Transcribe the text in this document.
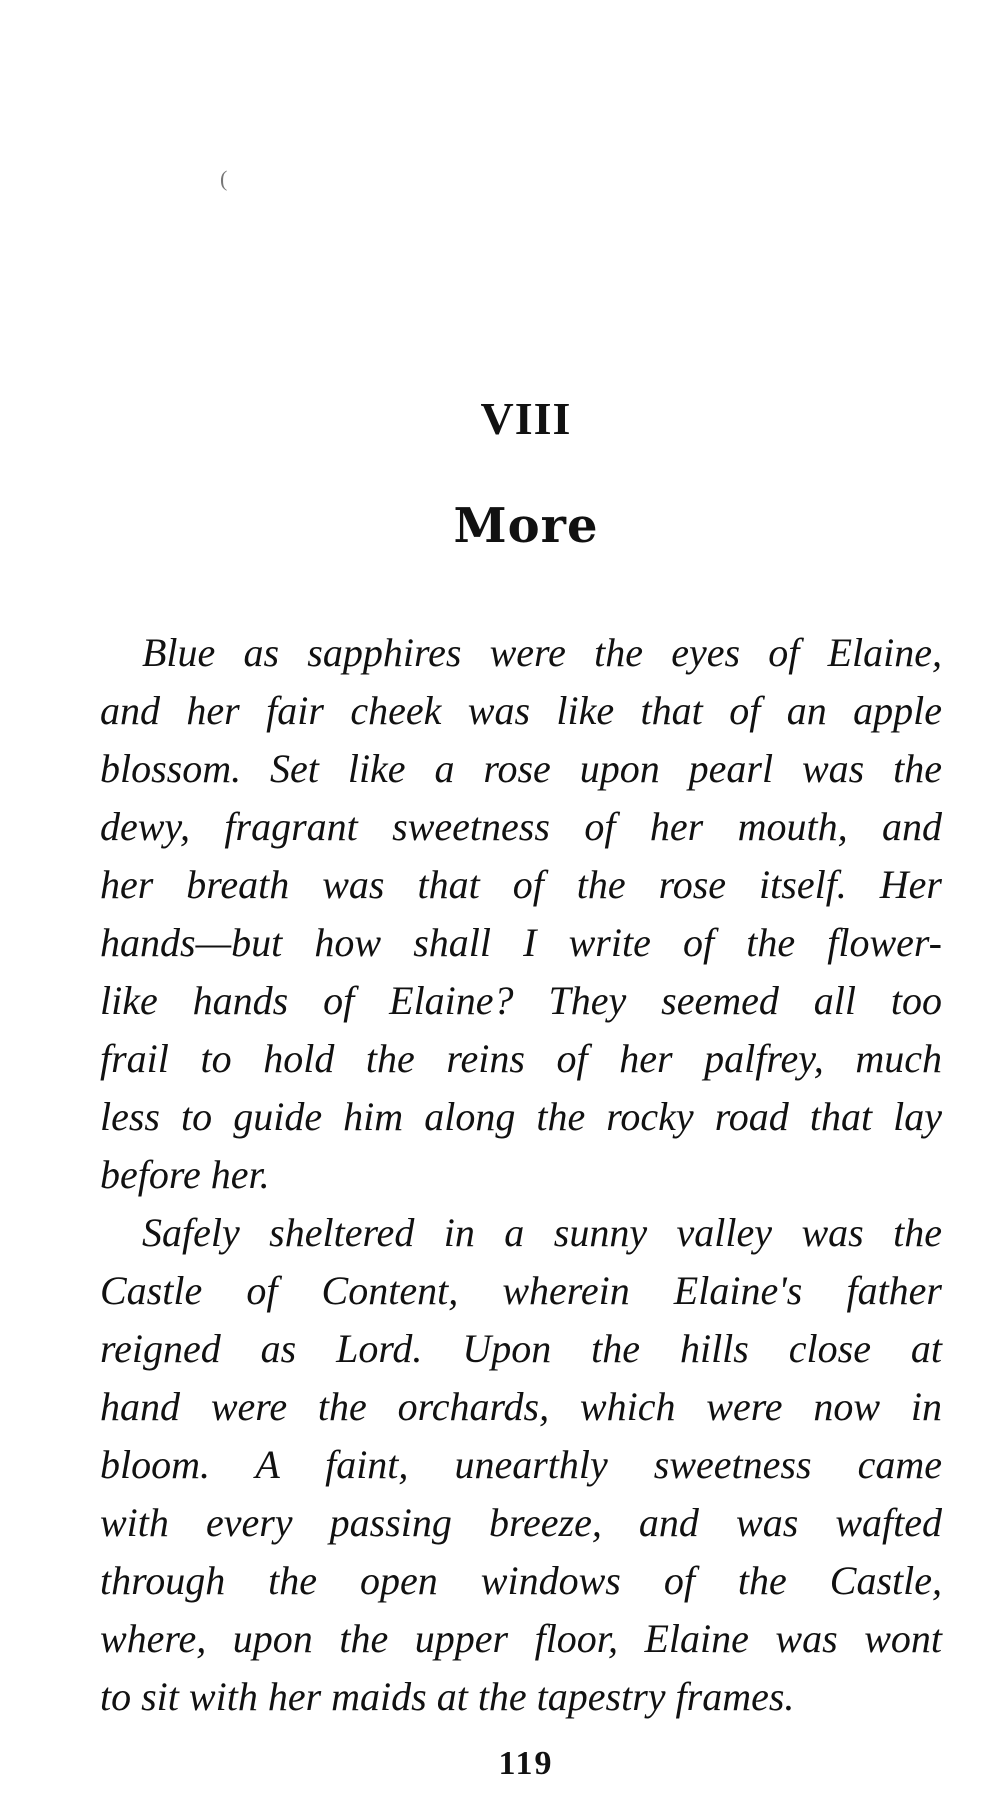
(
VIII
More
Blue as sapphires were the eyes of Elaine,
and her fair cheek was like that of an apple
blossom. Set like a rose upon pearl was the
dewy, fragrant sweetness of her mouth, and
her breath was that of the rose itself. Her
hands—but how shall I write of the flower-
like hands of Elaine? They seemed all too
frail to hold the reins of her palfrey, much
less to guide him along the rocky road that lay
before her.
Safely sheltered in a sunny valley was the
Castle of Content, wherein Elaine's father
reigned as Lord. Upon the hills close at
hand were the orchards, which were now in
bloom. A faint, unearthly sweetness came
with every passing breeze, and was wafted
through the open windows of the Castle,
where, upon the upper floor, Elaine was wont
to sit with her maids at the tapestry frames.
119
